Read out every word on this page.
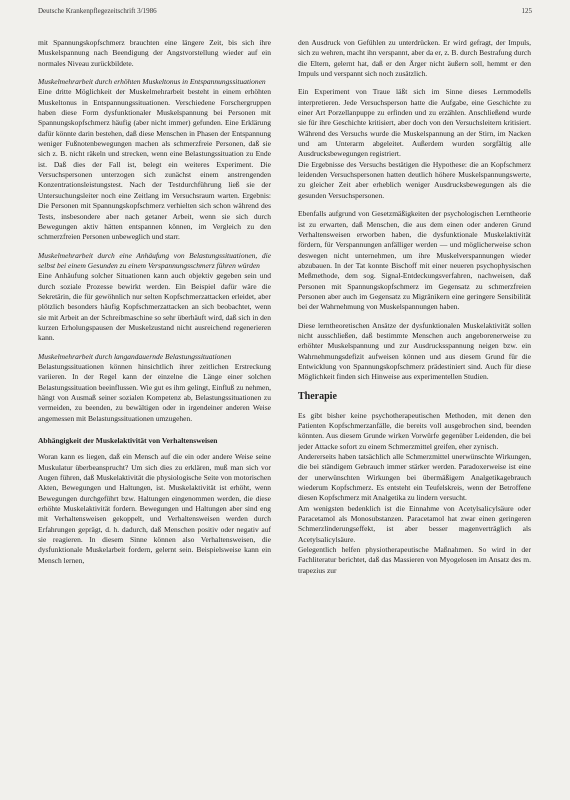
Deutsche Krankenpflegezeitschrift 3/1986	125

mit Spannungskopfschmerz brauchten eine längere Zeit, bis sich ihre Muskelspannung nach Beendigung der Angstvorstellung wieder auf ein normales Niveau zurückbildete.

Muskelmehrarbeit durch erhöhten Muskeltonus in Entspannungssituationen

Eine dritte Möglichkeit der Muskelmehrarbeit besteht in einem erhöhten Muskeltonus in Entspannungssituationen. Verschiedene Forschergruppen haben diese Form dysfunktionaler Muskelspannung bei Personen mit Spannungskopfschmerz häufig (aber nicht immer) gefunden. Eine Erklärung dafür könnte darin bestehen, daß diese Menschen in Phasen der Entspannung weniger Fußnotenbewegungen machen als schmerzfreie Personen, daß sie sich z. B. nicht räkeln und strecken, wenn eine Belastungssituation zu Ende ist. Daß dies der Fall ist, belegt ein weiteres Experiment. Die Versuchspersonen unterzogen sich zunächst einem anstrengenden Konzentrationsleistungstest. Nach der Testdurchführung ließ sie der Untersuchungsleiter noch eine Zeitlang im Versuchsraum warten. Ergebnis: Die Personen mit Spannungskopfschmerz verhielten sich schon während des Tests, insbesondere aber nach getaner Arbeit, wenn sie sich durch Bewegungen aktiv hätten entspannen können, im Vergleich zu den schmerzfreien Personen unbeweglich und starr.

Muskelmehrarbeit durch eine Anhäufung von Belastungssituationen, die selbst bei einem Gesunden zu einem Verspannungsschmerz führen würden

Eine Anhäufung solcher Situationen kann auch objektiv gegeben sein und durch soziale Prozesse bewirkt werden. Ein Beispiel dafür wäre die Sekretärin, die für gewöhnlich nur selten Kopfschmerzattacken erleidet, aber plötzlich besonders häufig Kopfschmerzattacken an sich beobachtet, wenn sie mit Arbeit an der Schreibmaschine so sehr überhäuft wird, daß sich in den kurzen Erholungspausen der Muskelzustand nicht ausreichend regenerieren kann.

Muskelmehrarbeit durch langandauernde Belastungssituationen

Belastungssituationen können hinsichtlich ihrer zeitlichen Erstreckung variieren. In der Regel kann der einzelne die Länge einer solchen Belastungssituation beeinflussen. Wie gut es ihm gelingt, Einfluß zu nehmen, hängt von Ausmaß seiner sozialen Kompetenz ab, Belastungssituationen zu vermeiden, zu beenden, zu bewältigen oder in irgendeiner anderen Weise angemessen mit Belastungssituationen umzugehen.

Abhängigkeit der Muskelaktivität von Verhaltensweisen

Woran kann es liegen, daß ein Mensch auf die ein oder andere Weise seine Muskulatur überbeansprucht? Um sich dies zu erklären, muß man sich vor Augen führen, daß Muskelaktivität die physiologische Seite von motorischen Akten, Bewegungen und Haltungen, ist. Muskelaktivität ist erhöht, wenn Bewegungen durchgeführt bzw. Haltungen eingenommen werden, die diese erhöhte Muskelaktivität fordern. Bewegungen und Haltungen aber sind eng mit Verhaltensweisen gekoppelt, und Verhaltensweisen werden durch Erfahrungen geprägt, d. h. dadurch, daß Menschen positiv oder negativ auf sie reagieren. In diesem Sinne können also Verhaltensweisen, die dysfunktionale Muskelarbeit fordern, gelernt sein. Beispielsweise kann ein Mensch lernen,

den Ausdruck von Gefühlen zu unterdrücken. Er wird gefragt, der Impuls, sich zu wehren, macht ihn verspannt, aber da er, z. B. durch Bestrafung durch die Eltern, gelernt hat, daß er den Ärger nicht äußern soll, hemmt er den Impuls und verspannt sich noch zusätzlich.

Ein Experiment von Traue läßt sich im Sinne dieses Lernmodells interpretieren. Jede Versuchsperson hatte die Aufgabe, eine Geschichte zu einer Art Porzellanpuppe zu erfinden und zu erzählen. Anschließend wurde sie für ihre Geschichte kritisiert, aber doch von den Versuchsleitern kritisiert. Während des Versuchs wurde die Muskelspannung an der Stirn, im Nacken und am Unterarm abgeleitet. Außerdem wurden sorgfältig alle Ausdrucksbewegungen registriert.

Die Ergebnisse des Versuchs bestätigen die Hypothese: die an Kopfschmerz leidenden Versuchspersonen hatten deutlich höhere Muskelspannungswerte, zu gleicher Zeit aber erheblich weniger Ausdrucksbewegungen als die gesunden Versuchspersonen.

Ebenfalls aufgrund von Gesetzmäßigkeiten der psychologischen Lerntheorie ist zu erwarten, daß Menschen, die aus dem einen oder anderen Grund Verhaltensweisen erworben haben, die dysfunktionale Muskelaktivität fördern, für Verspannungen anfälliger werden — und möglicherweise schon deswegen nicht unternehmen, um ihre Muskelverspannungen wieder abzubauen. In der Tat konnte Bischoff mit einer neueren psychophysischen Meßmethode, dem sog. Signal-Entdeckungsverfahren, nachweisen, daß Personen mit Spannungskopfschmerz im Gegensatz zu schmerzfreien Personen aber auch im Gegensatz zu Migränikern eine geringere Sensibilität bei der Wahrnehmung von Muskelspannungen haben.

Diese lerntheoretischen Ansätze der dysfunktionalen Muskelaktivität sollen nicht ausschließen, daß bestimmte Menschen auch angeborenerweise zu erhöhter Muskelspannung und zur Ausdrucksspannung neigen bzw. ein Wahrnehmungsdefizit aufweisen können und aus diesem Grund für die Entwicklung von Spannungskopfschmerz prädestiniert sind. Auch für diese Möglichkeit finden sich Hinweise aus experimentellen Studien.

Therapie

Es gibt bisher keine psychotherapeutischen Methoden, mit denen den Patienten Kopfschmerzanfälle, die bereits voll ausgebrochen sind, beenden könnten. Aus diesem Grunde wirken Vorwürfe gegenüber Leidenden, die bei jeder Attacke sofort zu einem Schmerzmittel greifen, eher zynisch.

Andererseits haben tatsächlich alle Schmerzmittel unerwünschte Wirkungen, die bei ständigem Gebrauch immer stärker werden. Paradoxerweise ist eine der unerwünschten Wirkungen bei übermäßigem Analgetikagebrauch wiederum Kopfschmerz. Es entsteht ein Teufelskreis, wenn der Betroffene diesen Kopfschmerz mit Analgetika zu lindern versucht.

Am wenigsten bedenklich ist die Einnahme von Acetylsalicylsäure oder Paracetamol als Monosubstanzen. Paracetamol hat zwar einen geringeren Schmerzlinderungseffekt, ist aber besser magenverträglich als Acetylsalicylsäure.

Gelegentlich helfen physiotherapeutische Maßnahmen. So wird in der Fachliteratur berichtet, daß das Massieren von Myogelosen im Ansatz des m. trapezius zur
